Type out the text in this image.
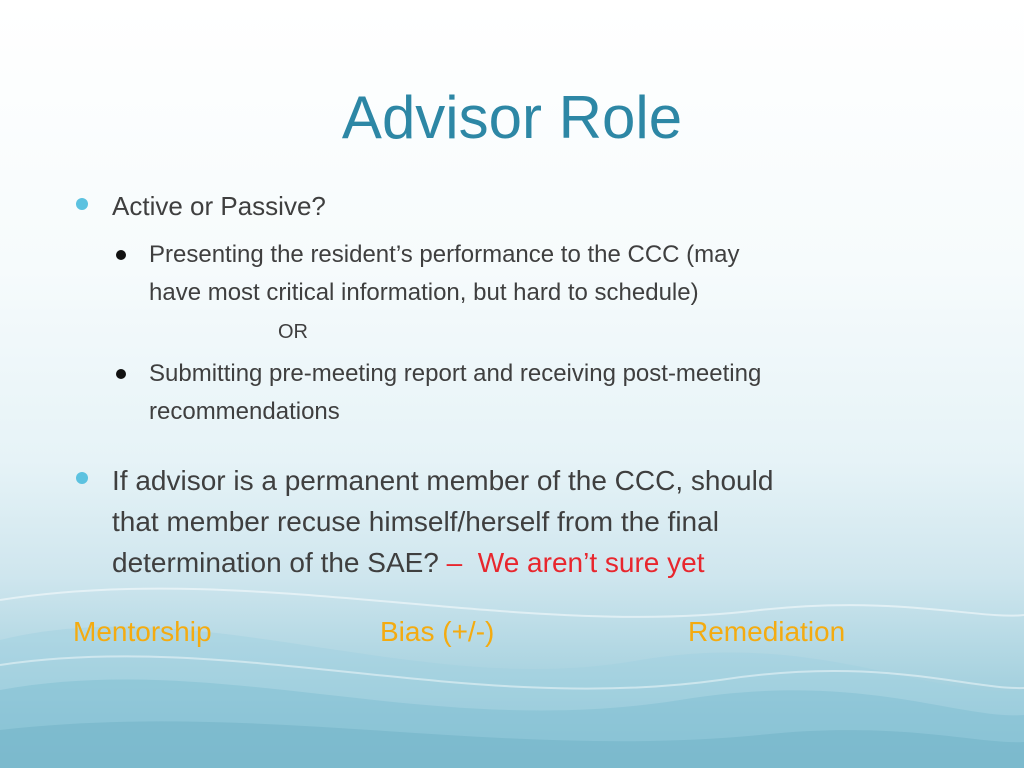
Advisor Role
Active or Passive?
Presenting the resident’s performance to the CCC (may
have most critical information, but hard to schedule)
OR
Submitting pre-meeting report and receiving post-meeting
recommendations
If advisor is a permanent member of the CCC, should
that member recuse himself/herself from the final
determination of the SAE? –  We aren’t sure yet
Mentorship	Bias (+/-)	Remediation
